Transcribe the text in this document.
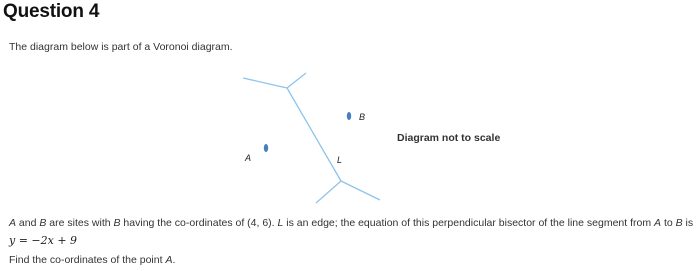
Question 4

The diagram below is part of a Voronoi diagram.

A
B
L
Diagram not to scale

A and B are sites with B having the co-ordinates of (4, 6). L is an edge; the equation of this perpendicular bisector of the line segment from A to B is
y = −2x + 9

Find the co-ordinates of the point A.
